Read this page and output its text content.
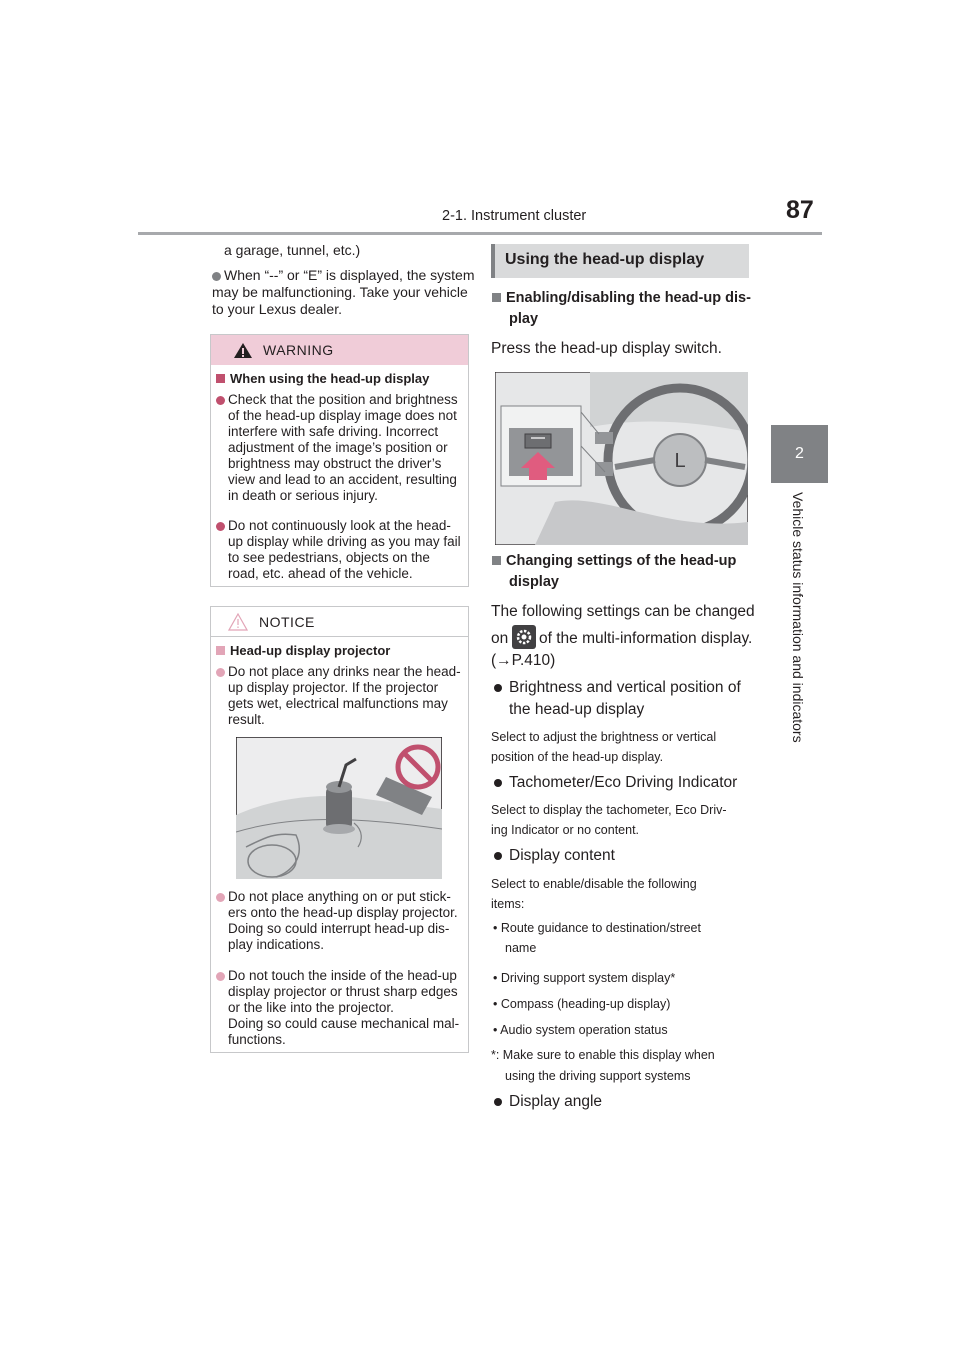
2-1. Instrument cluster	87
2
Vehicle status information and indicators
a garage, tunnel, etc.)
When “--” or “E” is displayed, the system
may be malfunctioning. Take your vehicle
to your Lexus dealer.
WARNING
When using the head-up display
Check that the position and brightness
of the head-up display image does not
interfere with safe driving. Incorrect
adjustment of the image’s position or
brightness may obstruct the driver’s
view and lead to an accident, resulting
in death or serious injury.
Do not continuously look at the head-
up display while driving as you may fail
to see pedestrians, objects on the
road, etc. ahead of the vehicle.
NOTICE
Head-up display projector
Do not place any drinks near the head-
up display projector. If the projector
gets wet, electrical malfunctions may
result.
Do not place anything on or put stick-
ers onto the head-up display projector.
Doing so could interrupt head-up dis-
play indications.
Do not touch the inside of the head-up
display projector or thrust sharp edges
or the like into the projector.
Doing so could cause mechanical mal-
functions.
Using the head-up display
Enabling/disabling the head-up dis-
play
Press the head-up display switch.
L
Changing settings of the head-up
display
The following settings can be changed
on of the multi-information display.
(→P.410)
Brightness and vertical position of
the head-up display
Select to adjust the brightness or vertical
position of the head-up display.
Tachometer/Eco Driving Indicator
Select to display the tachometer, Eco Driv-
ing Indicator or no content.
Display content
Select to enable/disable the following
items:
• Route guidance to destination/street
name
• Driving support system display*
• Compass (heading-up display)
• Audio system operation status
*: Make sure to enable this display when
using the driving support systems
Display angle
